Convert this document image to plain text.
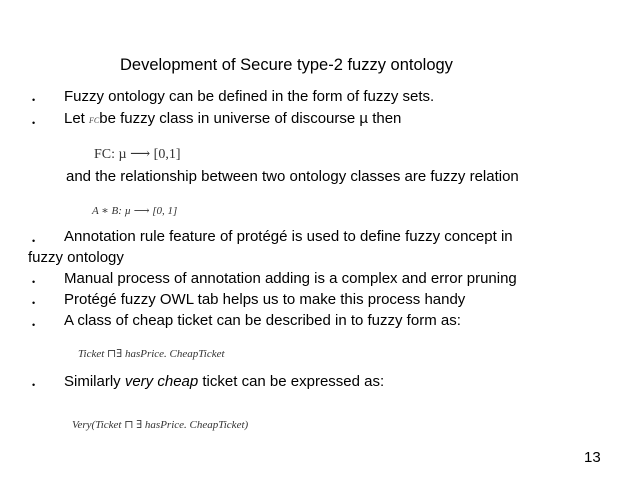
Development of Secure type-2 fuzzy ontology
• Fuzzy ontology can be defined in the form of fuzzy sets.
• Let FCbe fuzzy class in universe of discourse µ then
FC: µ ⟶ [0,1]
and the relationship between two ontology classes are fuzzy relation
A ∗ B: µ ⟶ [0, 1]
• Annotation rule feature of protégé is used to define fuzzy concept in
fuzzy ontology
• Manual process of annotation adding is a complex and error pruning
• Protégé fuzzy OWL tab helps us to make this process handy
• A class of cheap ticket can be described in to fuzzy form as:
Ticket ⊓∃ hasPrice. CheapTicket
• Similarly very cheap ticket can be expressed as:
Very(Ticket ⊓ ∃ hasPrice. CheapTicket)
13
